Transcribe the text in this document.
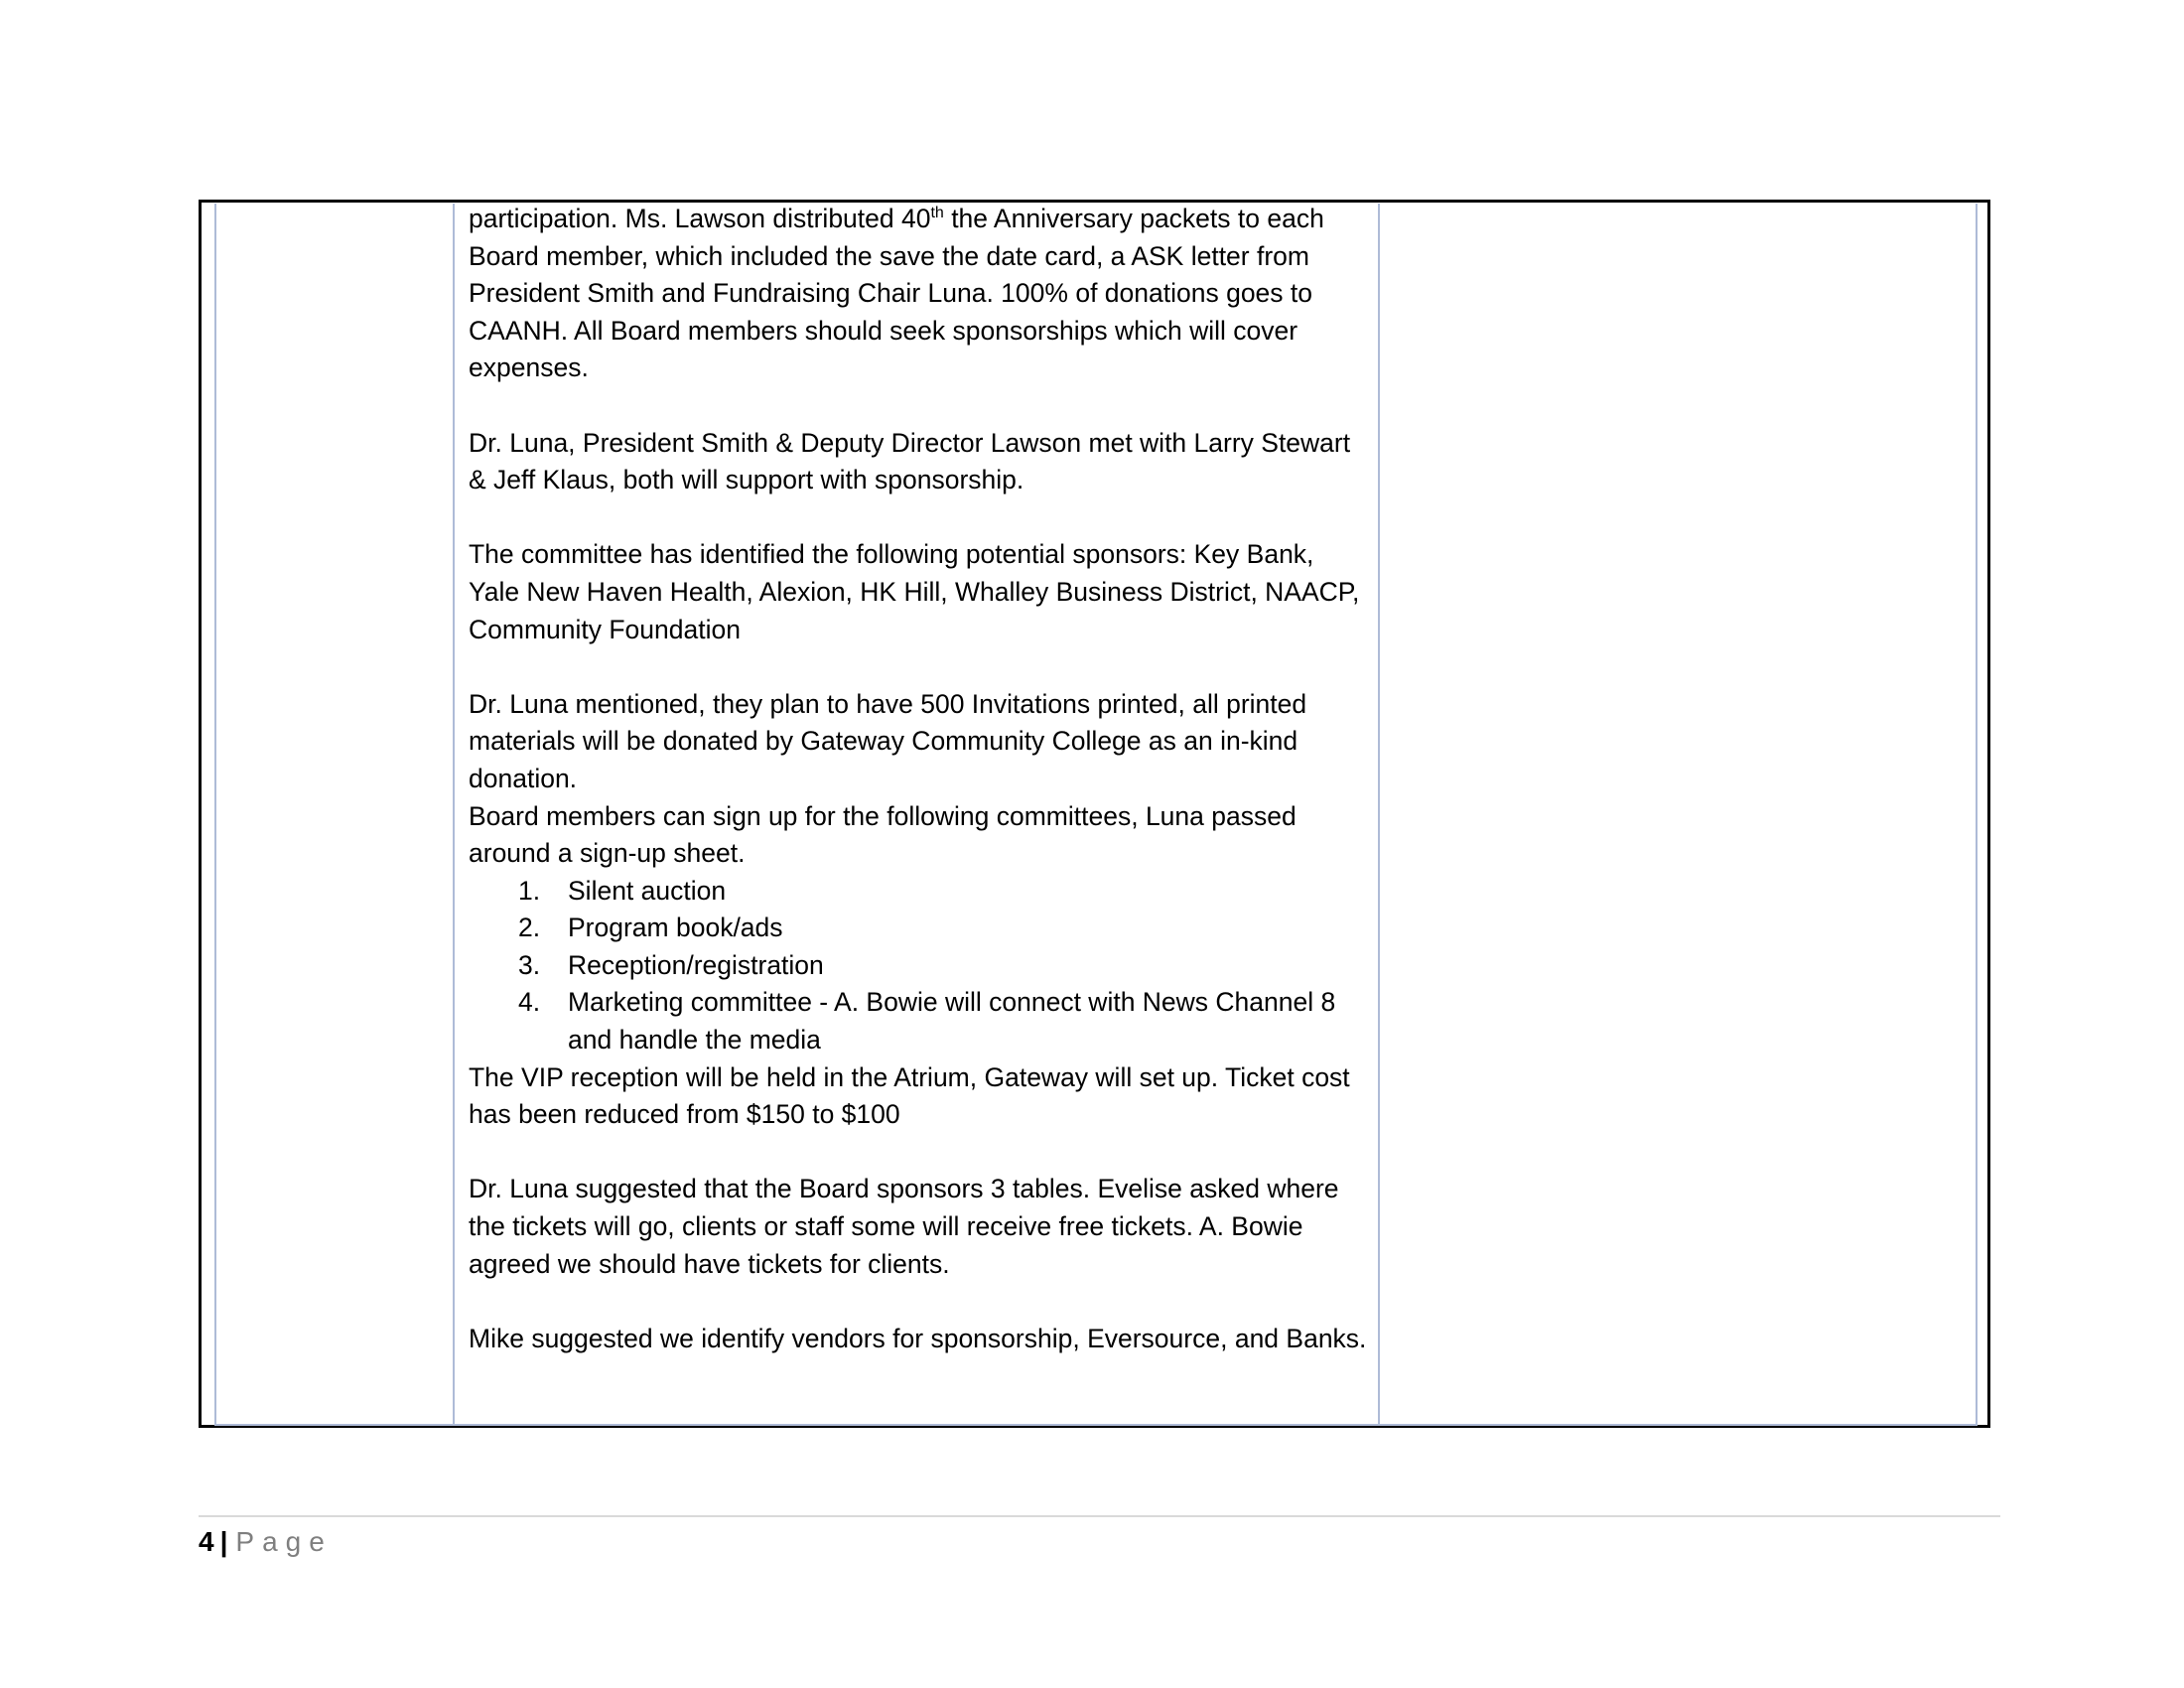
participation. Ms. Lawson distributed 40th the Anniversary packets to each Board member, which included the save the date card, a ASK letter from President Smith and Fundraising Chair Luna. 100% of donations goes to CAANH. All Board members should seek sponsorships which will cover expenses.

Dr. Luna, President Smith & Deputy Director Lawson met with Larry Stewart & Jeff Klaus, both will support with sponsorship.

The committee has identified the following potential sponsors: Key Bank, Yale New Haven Health, Alexion, HK Hill, Whalley Business District, NAACP, Community Foundation

Dr. Luna mentioned, they plan to have 500 Invitations printed, all printed materials will be donated by Gateway Community College as an in-kind donation.

Board members can sign up for the following committees, Luna passed around a sign-up sheet.

1. Silent auction
2. Program book/ads
3. Reception/registration
4. Marketing committee - A. Bowie will connect with News Channel 8 and handle the media

The VIP reception will be held in the Atrium, Gateway will set up. Ticket cost has been reduced from $150 to $100

Dr. Luna suggested that the Board sponsors 3 tables. Evelise asked where the tickets will go, clients or staff some will receive free tickets. A. Bowie agreed we should have tickets for clients.

Mike suggested we identify vendors for sponsorship, Eversource, and Banks.

4 | Page
